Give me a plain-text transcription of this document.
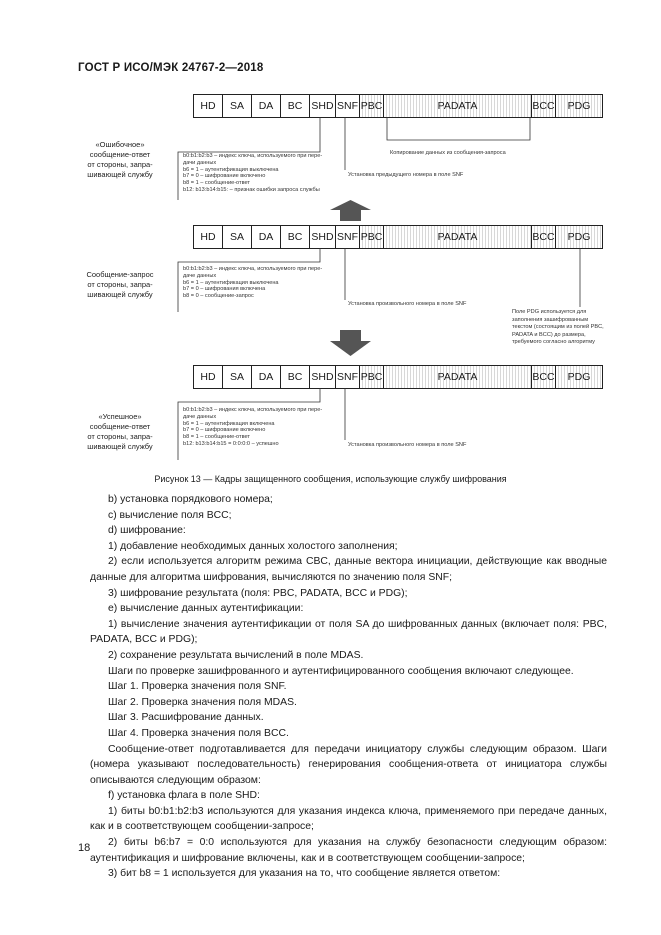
ГОСТ Р ИСО/МЭК 24767-2—2018
HD	SA	DA	BC SHD SNF PBC	PADATA	BCC	PDG
HD	SA	DA	BC SHD SNF PBC	PADATA	BCC	PDG
HD	SA	DA	BC SHD SNF PBC	PADATA	BCC	PDG
«Ошибочное»
сообщение-ответ
от стороны, запра-
шивающей службу
b0:b1:b2:b3 – индекс ключа, используемого при пере-
дачи данных
b6 = 1 – аутентификация выключена
b7 = 0 – шифрование включено
b8 = 1 – сообщение-ответ
b12: b13:b14:b15: – признак ошибки запроса службы
Копирование данных из сообщения-запроса
Установка предыдущего номера в поле SNF
Сообщение-запрос
от стороны, запра-
шивающей службу
b0:b1:b2:b3 – индекс ключа, используемого при пере-
даче данных
b6 = 1 – аутентификация выключена
b7 = 0 – шифрования включена
b8 = 0 – сообщение-запрос
Установка произвольного номера в поле SNF
Поле PDG используется для заполнения зашифрованным текстом (состоящим из полей PBC, PADATA и BCC) до размера, требуемого согласно алгоритму
«Успешное»
сообщение-ответ
от стороны, запра-
шивающей службу
b0:b1:b2:b3 – индекс ключа, используемого при пере-
даче данных
b6 = 1 – аутентификация включена
b7 = 0 – шифрование включено
b8 = 1 – сообщение-ответ
b12: b13:b14:b15 = 0:0:0:0 – успешно	Установка произвольного номера в поле SNF
Рисунок 13 — Кадры защищенного сообщения, использующие службу шифрования

b) установка порядкового номера;

c) вычисление поля BCC;

d) шифрование:

1) добавление необходимых данных холостого заполнения;

2) если используется алгоритм режима CBC, данные вектора инициации, действующие как вводные данные для алгоритма шифрования, вычисляются по значению поля SNF;

3) шифрование результата (поля: PBC, PADATA, BCC и PDG);

e) вычисление данных аутентификации:

1) вычисление значения аутентификации от поля SA до шифрованных данных (включает поля: PBC, PADATA, BCC и PDG);

2) сохранение результата вычислений в поле MDAS.

Шаги по проверке зашифрованного и аутентифицированного сообщения включают следующее.

Шаг 1. Проверка значения поля SNF.

Шаг 2. Проверка значения поля MDAS.

Шаг 3. Расшифрование данных.

Шаг 4. Проверка значения поля BCC.

Сообщение-ответ подготавливается для передачи инициатору службы следующим образом. Шаги (номера указывают последовательность) генерирования сообщения-ответа от инициатора службы описываются следующим образом:

f) установка флага в поле SHD:

1) биты b0:b1:b2:b3 используются для указания индекса ключа, применяемого при передаче данных, как и в соответствующем сообщении-запросе;

2) биты b6:b7 = 0:0 используются для указания на службу безопасности следующим образом: аутентификация и шифрование включены, как и в соответствующем сообщении-запросе;

3) бит b8 = 1 используется для указания на то, что сообщение является ответом:

18
